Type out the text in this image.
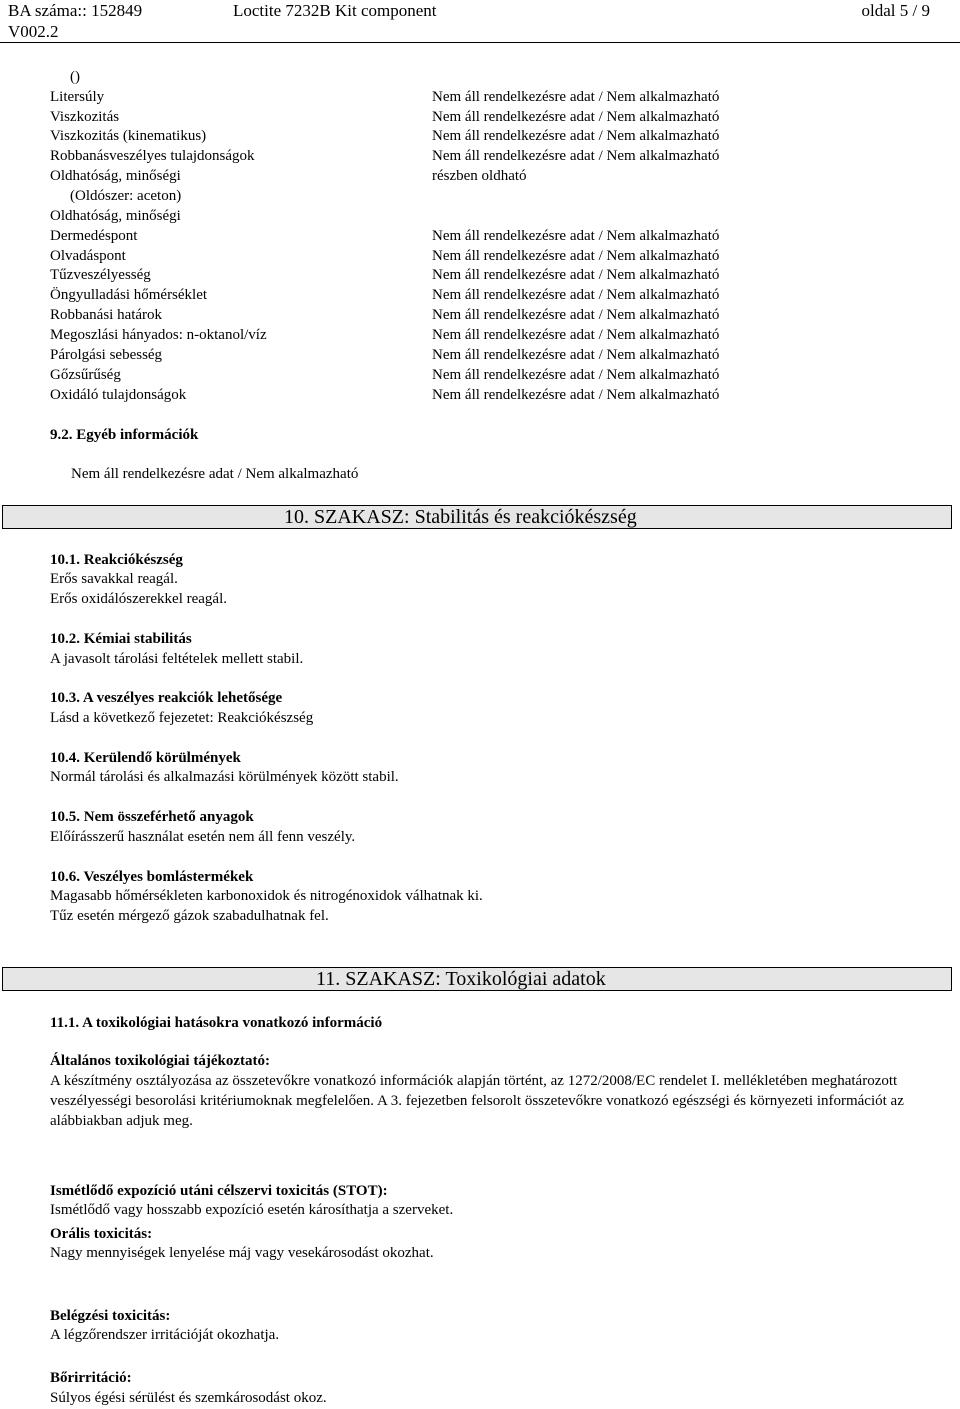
BA száma:: 152849	Loctite 7232B Kit component	oldal 5 / 9
V002.2
()
Litersúly	Nem áll rendelkezésre adat / Nem alkalmazható
Viszkozitás	Nem áll rendelkezésre adat / Nem alkalmazható
Viszkozitás (kinematikus)	Nem áll rendelkezésre adat / Nem alkalmazható
Robbanásveszélyes tulajdonságok	Nem áll rendelkezésre adat / Nem alkalmazható
Oldhatóság, minőségi	részben oldható
(Oldószer: aceton)
Oldhatóság, minőségi
Dermedéspont	Nem áll rendelkezésre adat / Nem alkalmazható
Olvadáspont	Nem áll rendelkezésre adat / Nem alkalmazható
Tűzveszélyesség	Nem áll rendelkezésre adat / Nem alkalmazható
Öngyulladási hőmérséklet	Nem áll rendelkezésre adat / Nem alkalmazható
Robbanási határok	Nem áll rendelkezésre adat / Nem alkalmazható
Megoszlási hányados: n-oktanol/víz	Nem áll rendelkezésre adat / Nem alkalmazható
Párolgási sebesség	Nem áll rendelkezésre adat / Nem alkalmazható
Gőzsűrűség	Nem áll rendelkezésre adat / Nem alkalmazható
Oxidáló tulajdonságok	Nem áll rendelkezésre adat / Nem alkalmazható
9.2. Egyéb információk
Nem áll rendelkezésre adat / Nem alkalmazható
10. SZAKASZ: Stabilitás és reakciókészség
10.1. Reakciókészség
Erős savakkal reagál.
Erős oxidálószerekkel reagál.
10.2. Kémiai stabilitás
A javasolt tárolási feltételek mellett stabil.
10.3. A veszélyes reakciók lehetősége
Lásd a következő fejezetet: Reakciókészség
10.4. Kerülendő körülmények
Normál tárolási és alkalmazási körülmények között stabil.
10.5. Nem összeférhető anyagok
Előírásszerű használat esetén nem áll fenn veszély.
10.6. Veszélyes bomlástermékek
Magasabb hőmérsékleten karbonoxidok és nitrogénoxidok válhatnak ki.
Tűz esetén mérgező gázok szabadulhatnak fel.
11. SZAKASZ: Toxikológiai adatok
11.1. A toxikológiai hatásokra vonatkozó információ
Általános toxikológiai tájékoztató:
A készítmény osztályozása az összetevőkre vonatkozó információk alapján történt, az 1272/2008/EC rendelet I. mellékletében meghatározott veszélyességi besorolási kritériumoknak megfelelően. A 3. fejezetben felsorolt összetevőkre vonatkozó egészségi és környezeti információt az alábbiakban adjuk meg.
Ismétlődő expozíció utáni célszervi toxicitás (STOT):
Ismétlődő vagy hosszabb expozíció esetén károsíthatja a szerveket.
Orális toxicitás:
Nagy mennyiségek lenyelése máj vagy vesekárosodást okozhat.
Belégzési toxicitás:
A légzőrendszer irritációját okozhatja.
Bőrirritáció:
Súlyos égési sérülést és szemkárosodást okoz.
